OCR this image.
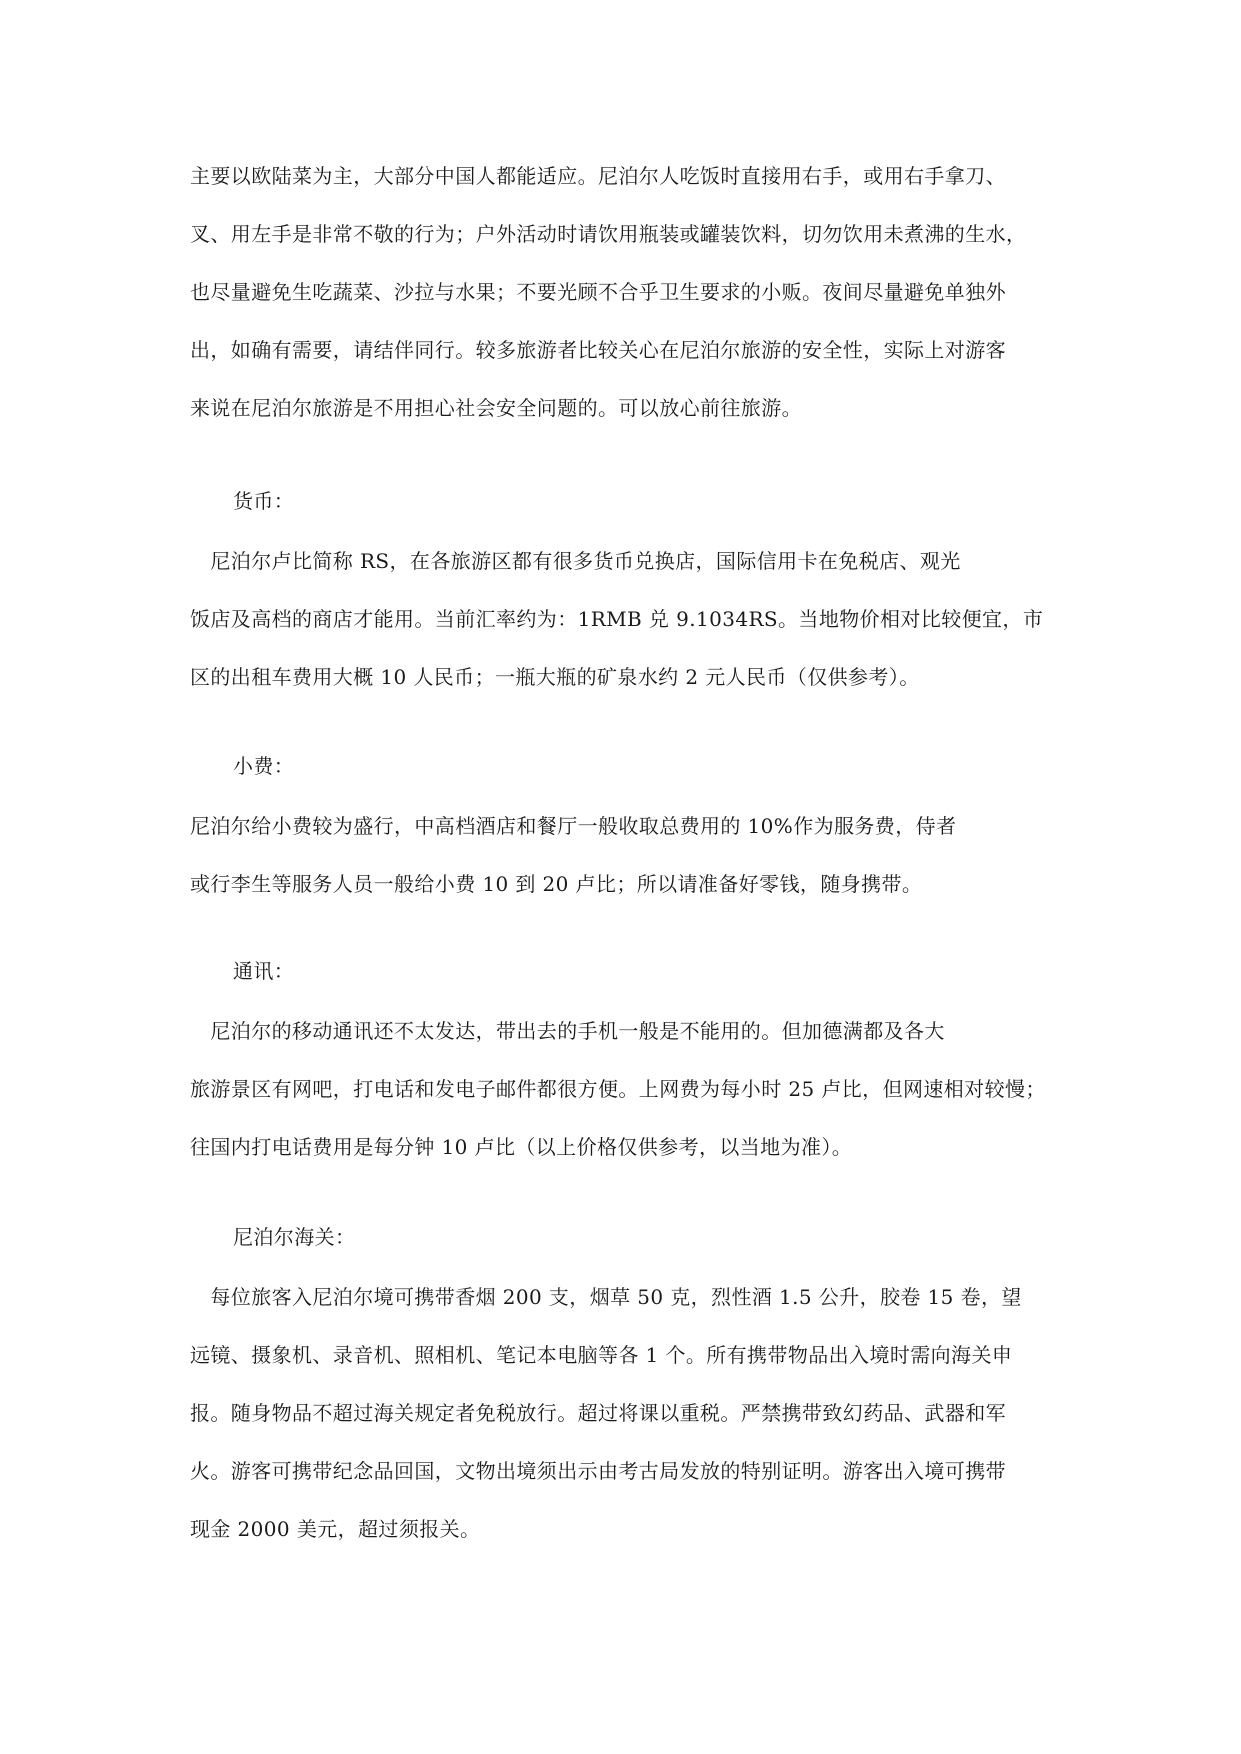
主要以欧陆菜为主，大部分中国人都能适应。尼泊尔人吃饭时直接用右手，或用右手拿刀、
叉、用左手是非常不敬的行为；户外活动时请饮用瓶装或罐装饮料，切勿饮用未煮沸的生水，
也尽量避免生吃蔬菜、沙拉与水果；不要光顾不合乎卫生要求的小贩。夜间尽量避免单独外
出，如确有需要，请结伴同行。较多旅游者比较关心在尼泊尔旅游的安全性，实际上对游客
来说在尼泊尔旅游是不用担心社会安全问题的。可以放心前往旅游。
货币：
　尼泊尔卢比简称 RS，在各旅游区都有很多货币兑换店，国际信用卡在免税店、观光
饭店及高档的商店才能用。当前汇率约为：1RMB 兑 9.1034RS。当地物价相对比较便宜，市
区的出租车费用大概 10 人民币；一瓶大瓶的矿泉水约 2 元人民币（仅供参考）。
小费：
尼泊尔给小费较为盛行，中高档酒店和餐厅一般收取总费用的 10%作为服务费，侍者
或行李生等服务人员一般给小费 10 到 20 卢比；所以请准备好零钱，随身携带。
通讯：
　尼泊尔的移动通讯还不太发达，带出去的手机一般是不能用的。但加德满都及各大
旅游景区有网吧，打电话和发电子邮件都很方便。上网费为每小时 25 卢比，但网速相对较慢；
往国内打电话费用是每分钟 10 卢比（以上价格仅供参考，以当地为准）。
尼泊尔海关：
　每位旅客入尼泊尔境可携带香烟 200 支，烟草 50 克，烈性酒 1.5 公升，胶卷 15 卷，望
远镜、摄象机、录音机、照相机、笔记本电脑等各 1 个。所有携带物品出入境时需向海关申
报。随身物品不超过海关规定者免税放行。超过将课以重税。严禁携带致幻药品、武器和军
火。游客可携带纪念品回国，文物出境须出示由考古局发放的特别证明。游客出入境可携带
现金 2000 美元，超过须报关。
